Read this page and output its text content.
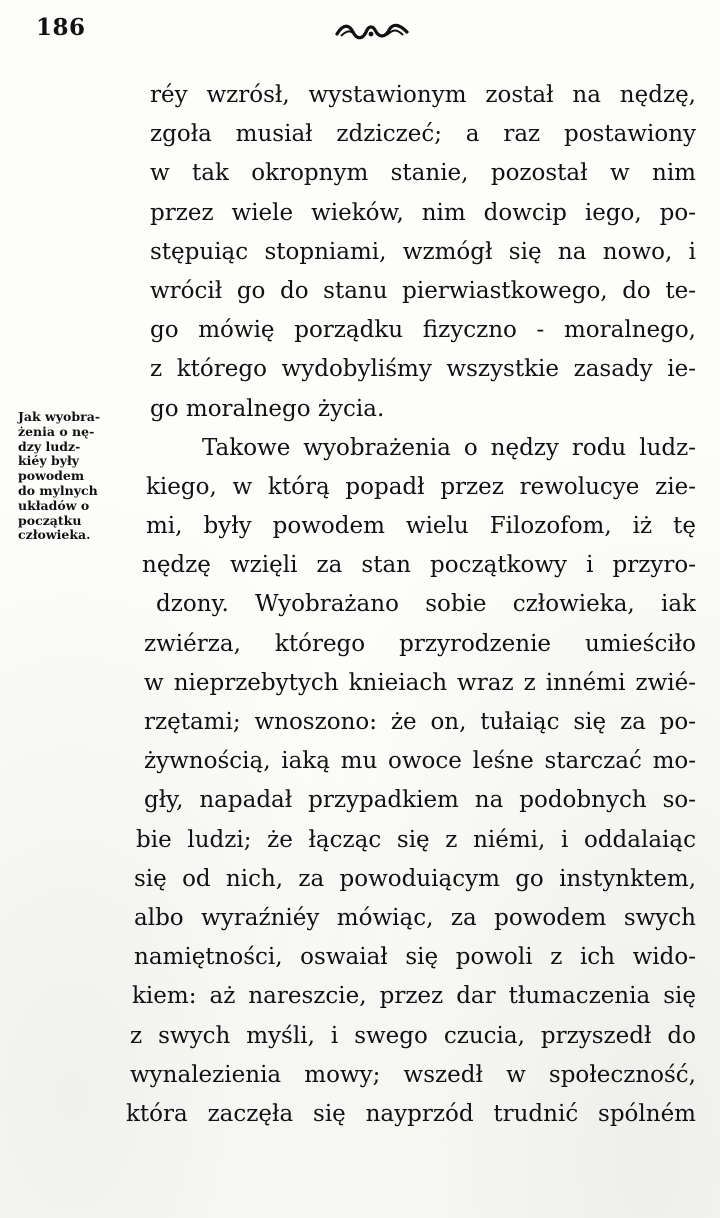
186
Jak wyobra-
żenia o nę-
dzy ludz-
kiéy były
powodem
do mylnych
układów o
początku
człowieka.
réy wzrósł, wystawionym został na nędzę,
zgoła musiał zdziczeć; a raz postawiony
w tak okropnym stanie, pozostał w nim
przez wiele wieków, nim dowcip iego, po-
stępuiąc stopniami, wzmógł się na nowo, i
wrócił go do stanu pierwiastkowego, do te-
go mówię porządku fizyczno - moralnego,
z którego wydobyliśmy wszystkie zasady ie-
go moralnego życia.
Takowe wyobrażenia o nędzy rodu ludz-
kiego, w którą popadł przez rewolucye zie-
mi, były powodem wielu Filozofom, iż tę
nędzę wzięli za stan początkowy i przyro-
dzony. Wyobrażano sobie człowieka, iak
zwiérza, którego przyrodzenie umieściło
w nieprzebytych knieiach wraz z innémi zwié-
rzętami; wnoszono: że on, tułaiąc się za po-
żywnością, iaką mu owoce leśne starczać mo-
gły, napadał przypadkiem na podobnych so-
bie ludzi; że łącząc się z niémi, i oddalaiąc
się od nich, za powoduiącym go instynktem,
albo wyraźniéy mówiąc, za powodem swych
namiętności, oswaiał się powoli z ich wido-
kiem: aż nareszcie, przez dar tłumaczenia się
z swych myśli, i swego czucia, przyszedł do
wynalezienia mowy; wszedł w społeczność,
która zaczęła się nayprzód trudnić spólném
